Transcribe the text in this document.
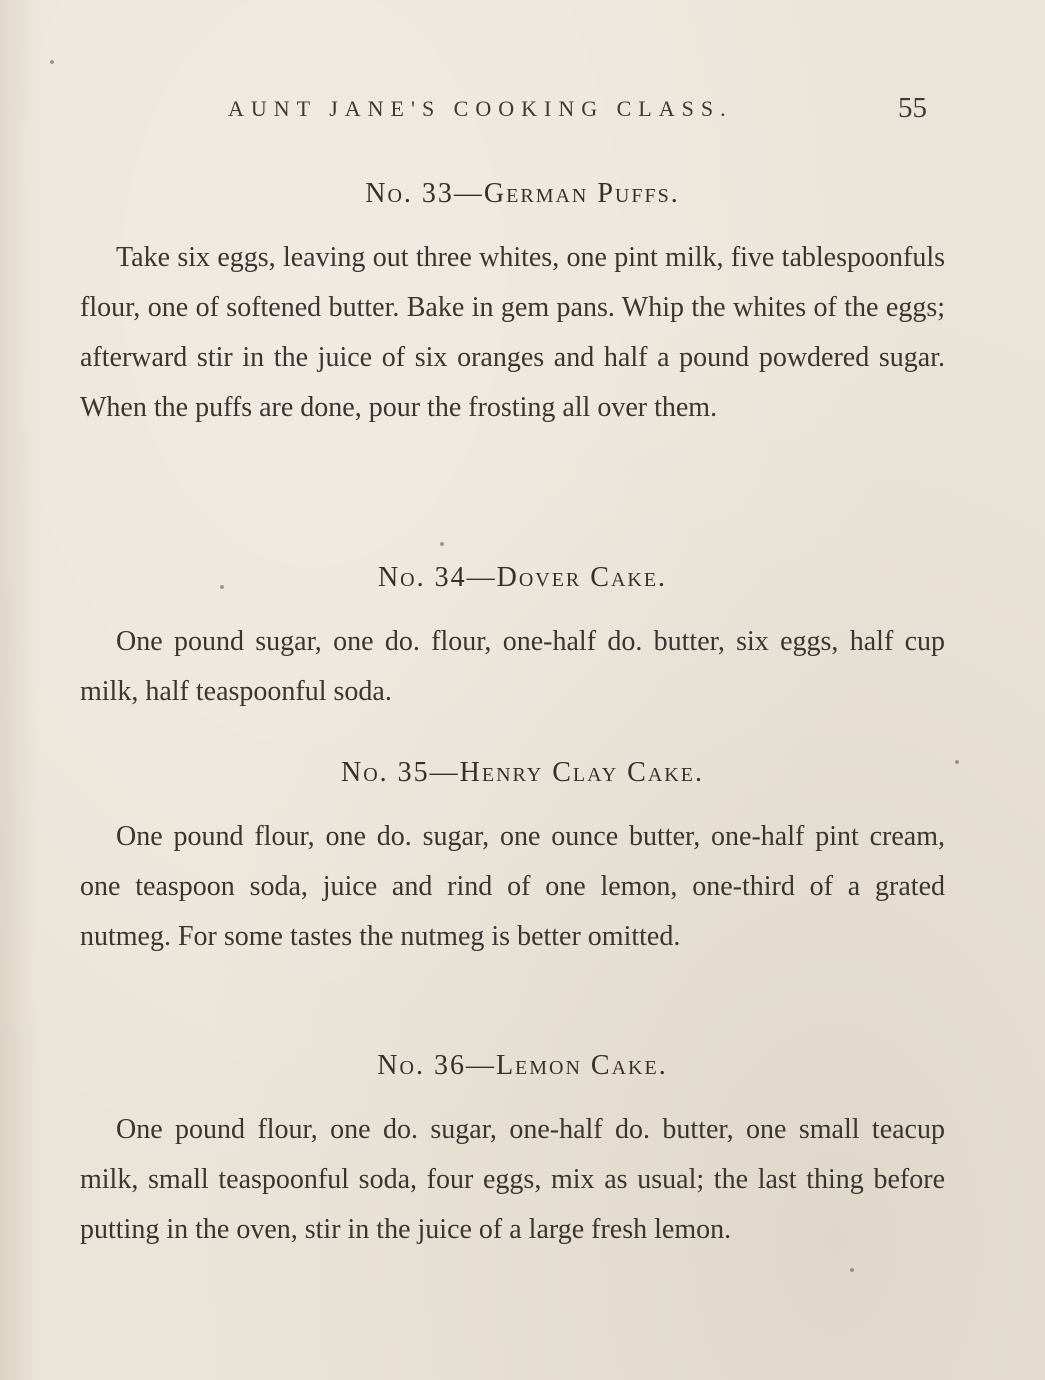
AUNT JANE'S COOKING CLASS.	55
No. 33—German Puffs.
Take six eggs, leaving out three whites, one pint milk, five tablespoonfuls flour, one of softened butter. Bake in gem pans. Whip the whites of the eggs; afterward stir in the juice of six oranges and half a pound powdered sugar. When the puffs are done, pour the frosting all over them.
No. 34—Dover Cake.
One pound sugar, one do. flour, one-half do. butter, six eggs, half cup milk, half teaspoonful soda.
No. 35—Henry Clay Cake.
One pound flour, one do. sugar, one ounce butter, one-half pint cream, one teaspoon soda, juice and rind of one lemon, one-third of a grated nutmeg. For some tastes the nutmeg is better omitted.
No. 36—Lemon Cake.
One pound flour, one do. sugar, one-half do. butter, one small teacup milk, small teaspoonful soda, four eggs, mix as usual; the last thing before putting in the oven, stir in the juice of a large fresh lemon.
